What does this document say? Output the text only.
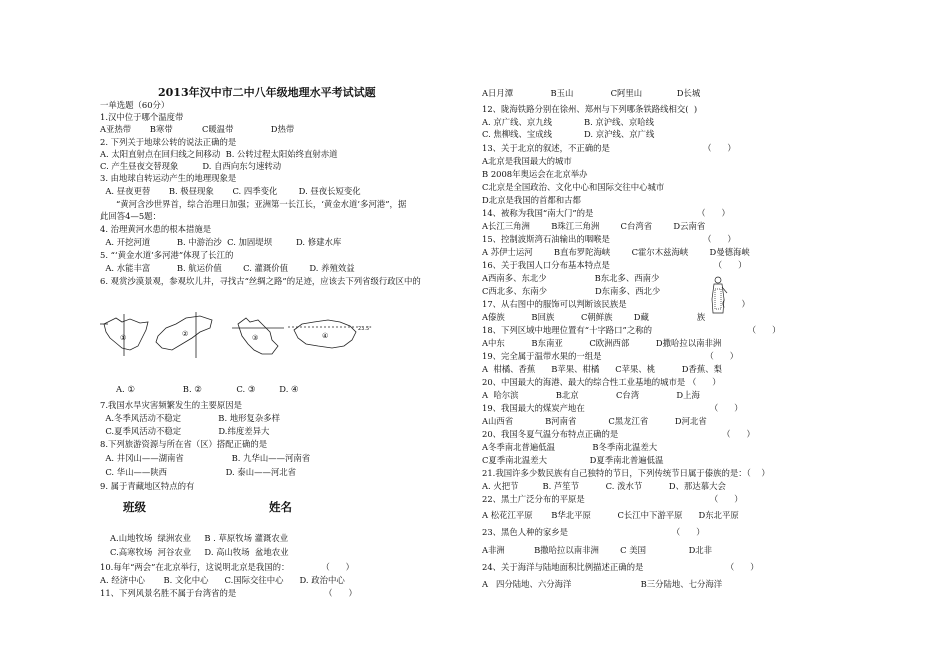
2013年汉中市二中八年级地理水平考试试题
一单选题（60分）
1.汉中位于哪个温度带
A亚热带       B寒带           C暖温带              D热带
2. 下列关于地球公转的说法正确的是
A. 太阳直射点在回归线之间移动  B. 公转过程太阳始终直射赤道
C. 产生昼夜交替现象         D. 自西向东匀速转动
3. 由地球自转运动产生的地理现象是
A. 昼夜更替       B. 极昼现象       C. 四季变化        D. 昼夜长短变化
“黄河含沙世界首，综合治理日加强；亚洲第一长江长，‘黄金水道’多河港”，据
此回答4—5题：
4. 治理黄河水患的根本措施是
A. 开挖河道          B. 中游治沙  C. 加固堤坝         D. 修建水库
5. “‘黄金水道’多河港”体现了长江的
A. 水能丰富          B. 航运价值        C. 灌溉价值        D. 养殖效益
6. 观赏沙漠景观，参观坎儿井，寻找古“丝绸之路”的足迹，应该去下列省级行政区中的
A. ①                  B. ②             C. ③         D. ④
7.我国水旱灾害频繁发生的主要原因是
A.冬季风活动不稳定              B. 地形复杂多样
C.夏季风活动不稳定              D.纬度差异大
8.下列旅游资源与所在省（区）搭配正确的是
A. 井冈山——湖南省                  B. 九华山——河南省
C. 华山——陕西                      D. 泰山——河北省
9. 属于青藏地区特点的有
A.山地牧场  绿洲农业     B . 草原牧场 灌溉农业
C.高寒牧场  河谷农业     D. 高山牧场  盆地农业
10.每年“两会”在北京举行，这说明北京是我国的：            （      ）
A. 经济中心       B. 文化中心      C.国际交往中心      D. 政治中心
11、下列风景名胜不属于台湾省的是                                 （      ）
班级	姓名
①	②	③	④
23.5°
A日月潭              B玉山              C阿里山             D长城
12、陇海铁路分别在徐州、郑州与下列哪条铁路线相交(  )
A. 京广线、京九线            B. 京沪线、京哈线
C. 焦柳线、宝成线            D. 京沪线、京广线
13、关于北京的叙述，不正确的是                                   （      ）
A北京是我国最大的城市
B 2008年奥运会在北京举办
C北京是全国政治、文化中心和国际交往中心城市
D北京是我国的首都和古都
14、被称为我国“南大门”的是                                       （      ）
A长江三角洲        B珠江三角洲        C台湾省        D云南省
15、控制波斯湾石油输出的咽喉是                                   （      ）
A 苏伊士运河        B直布罗陀海峡        C霍尔木兹海峡        D曼德海峡
16、关于我国人口分布基本特点是                                       （      ）
A西南多、东北少                  B东北多、西南少
C西北多、东南少                  D东南多、西北少
17、从右图中的服饰可以判断该民族是                                  （      ）
A傣族          B回族          C朝鲜族        D藏                  族
18、下列区域中地理位置有“十字路口”之称的                                    （      ）
A中东          B东南亚          C欧洲西部          D撒哈拉以南非洲
19、完全属于温带水果的一组是                                       （      ）
A  柑橘、香蕉      B苹果、柑橘      C苹果、桃          D香蕉、梨
20、中国最大的海港、最大的综合性工业基地的城市是 （      ）
A  哈尔滨              B北京              C台湾              D上海
19、我国最大的煤炭产地在                                               （      ）
A山西省            B河南省            C黑龙江省          D河北省
20、我国冬夏气温分布特点正确的是                                       （      ）
A冬季南北普遍低温              B冬季南北温差大
C夏季南北温差大                D夏季南北普遍低温
21.我国许多少数民族有自己独特的节日，下列传统节日属于傣族的是：（    ）
A. 火把节         B. 芦笙节          C. 泼水节          D、那达慕大会
22、黑土广泛分布的平原是                                               （      ）
A 松花江平原       B华北平原          C长江中下游平原      D东北平原
23、黑色人种的家乡是                                       （      ）
A非洲           B撒哈拉以南非洲        C 美国                D北非
24、关于海洋与陆地面积比例描述正确的是                               （      ）
A   四分陆地、六分海洋                          B三分陆地、七分海洋
